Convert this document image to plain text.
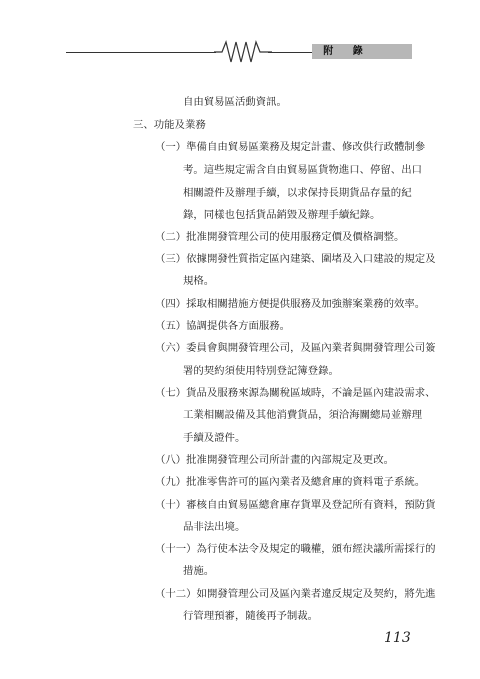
附 錄
自由貿易區活動資訊。
三、功能及業務
（一）準備自由貿易區業務及規定計畫、修改供行政體制參
考。這些規定需含自由貿易區貨物進口、停留、出口
相關證件及辦理手續，以求保持長期貨品存量的紀
錄，同樣也包括貨品銷毀及辦理手續紀錄。
（二）批准開發管理公司的使用服務定價及價格調整。
（三）依據開發性質指定區內建築、圍堵及入口建設的規定及
規格。
（四）採取相關措施方便提供服務及加強辦案業務的效率。
（五）協調提供各方面服務。
（六）委員會與開發管理公司，及區內業者與開發管理公司簽
署的契約須使用特別登記簿登錄。
（七）貨品及服務來源為關稅區域時，不論是區內建設需求、
工業相關設備及其他消費貨品，須洽海關總局並辦理
手續及證件。
（八）批准開發管理公司所計畫的內部規定及更改。
（九）批准零售許可的區內業者及總倉庫的資料電子系統。
（十）審核自由貿易區總倉庫存貨單及登記所有資料，預防貨
品非法出境。
（十一）為行使本法令及規定的職權，頒布經決議所需採行的
措施。
（十二）如開發管理公司及區內業者違反規定及契約，將先進
行管理預審，隨後再予制裁。
113
